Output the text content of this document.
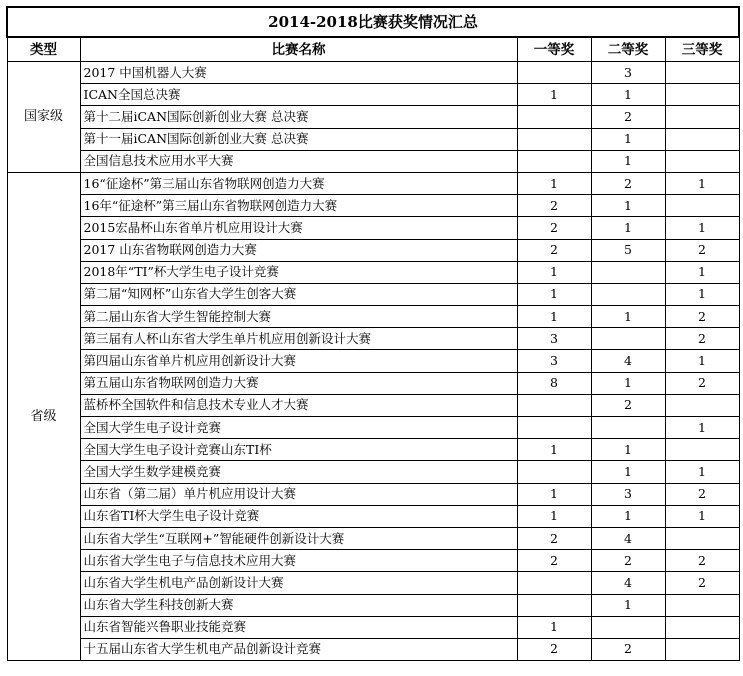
2014-2018比赛获奖情况汇总				
类型	比赛名称	一等奖	二等奖	三等奖
国家级	2017 中国机器人大赛		3	
	ICAN全国总决赛	1	1	
	第十二届iCAN国际创新创业大赛 总决赛		2	
	第十一届iCAN国际创新创业大赛 总决赛		1	
	全国信息技术应用水平大赛		1	
省级	16“征途杯”第三届山东省物联网创造力大赛	1	2	1
	16年“征途杯”第三届山东省物联网创造力大赛	2	1	
	2015宏晶杯山东省单片机应用设计大赛	2	1	1
	2017 山东省物联网创造力大赛	2	5	2
	2018年“TI”杯大学生电子设计竞赛	1		1
	第二届“知网杯”山东省大学生创客大赛	1		1
	第二届山东省大学生智能控制大赛	1	1	2
	第三届有人杯山东省大学生单片机应用创新设计大赛	3		2
	第四届山东省单片机应用创新设计大赛	3	4	1
	第五届山东省物联网创造力大赛	8	1	2
	蓝桥杯全国软件和信息技术专业人才大赛		2	
	全国大学生电子设计竞赛			1
	全国大学生电子设计竞赛山东TI杯	1	1	
	全国大学生数学建模竞赛		1	1
	山东省（第二届）单片机应用设计大赛	1	3	2
	山东省TI杯大学生电子设计竞赛	1	1	1
	山东省大学生“互联网+”智能硬件创新设计大赛	2	4	
	山东省大学生电子与信息技术应用大赛	2	2	2
	山东省大学生机电产品创新设计大赛		4	2
	山东省大学生科技创新大赛		1	
	山东省智能兴鲁职业技能竞赛	1		
	十五届山东省大学生机电产品创新设计竞赛	2	2	
